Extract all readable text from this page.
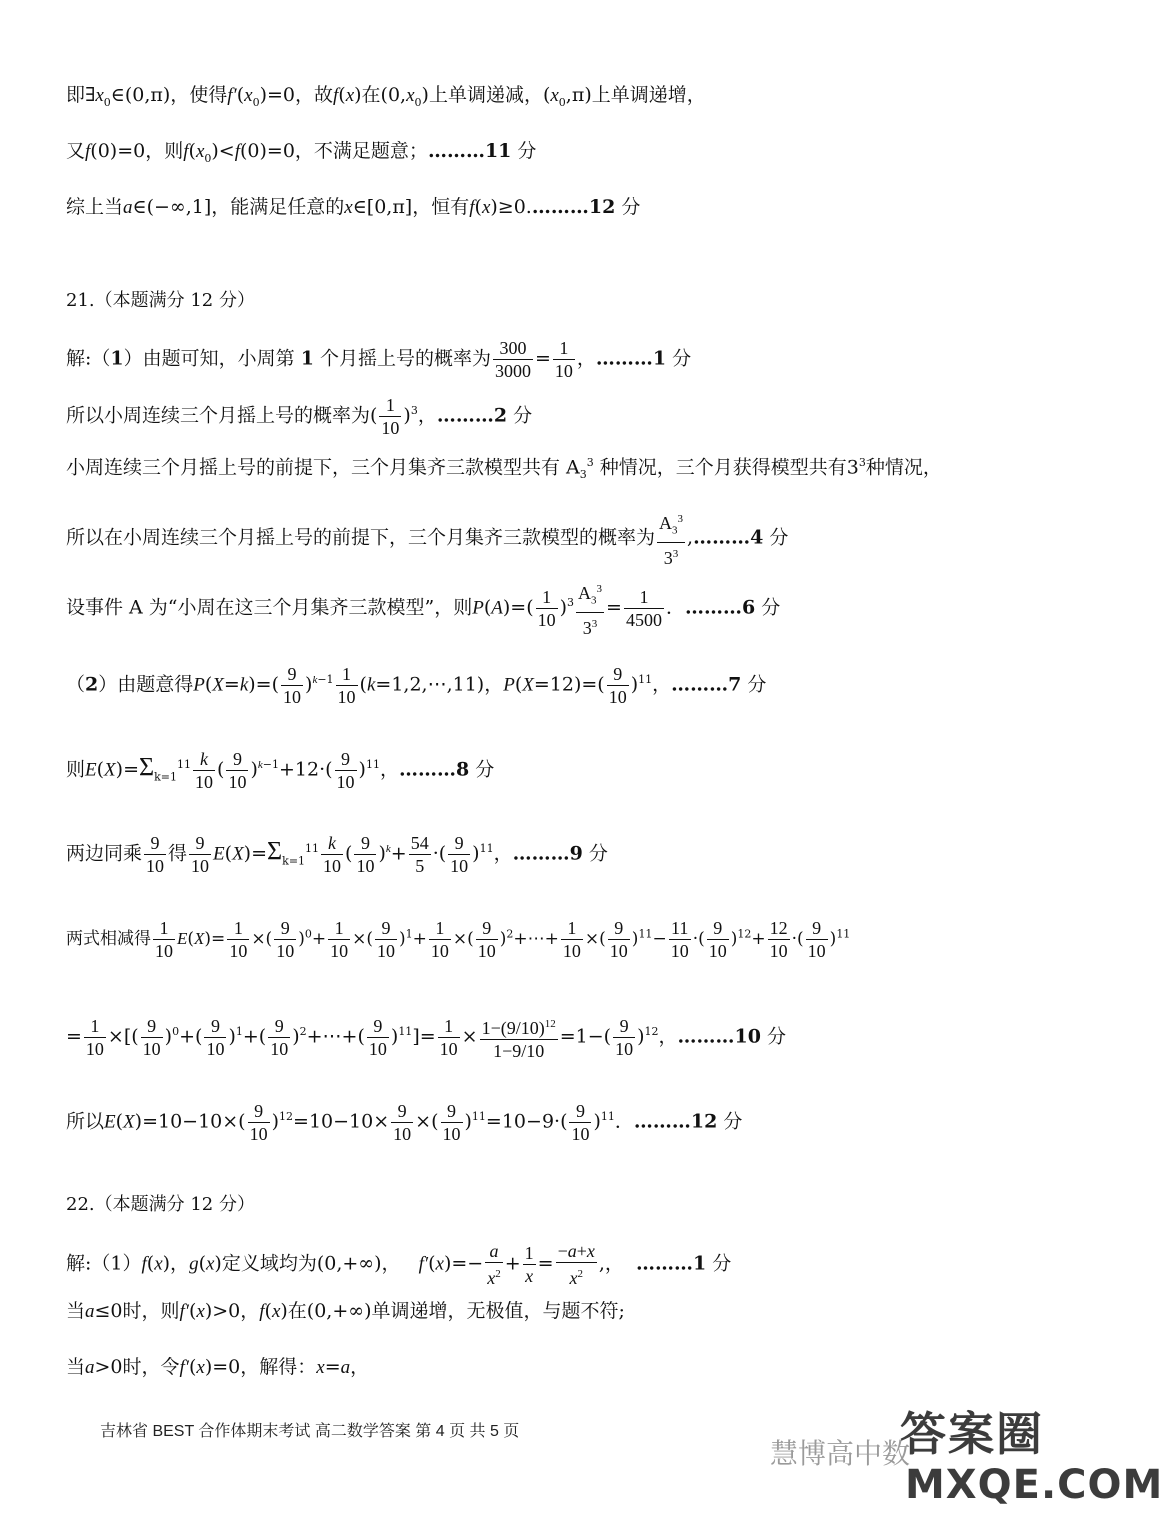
即$\exists x_0\in(0,\pi)$，使得$f'(x_0)=0$，故f(x)在$(0,x_0)$上单调递减，$(x_0,\pi)$上单调递增，
又f(0)=0，则$f(x_0)<f(0)=0$，不满足题意；………11 分
综上当a∈(−∞,1]，能满足任意的x∈[0,π]，恒有f(x)≥0.………12 分
21.（本题满分 12 分）
解:（1）由题可知，小周第 1 个月摇上号的概率为 $\frac{300}{3000} = \frac{1}{10}$ ，………1 分
所以小周连续三个月摇上号的概率为( $\frac{1}{10} )^3$，………2 分
小周连续三个月摇上号的前提下，三个月集齐三款模型共有 $A_3^3$ 种情况，三个月获得模型共有$3^3$种情况，
所以在小周连续三个月摇上号的前提下，三个月集齐三款模型的概率为 $\frac{A_3^3}{3^3}$ ,………4 分
设事件 A 为“小周在这三个月集齐三款模型”，则$P(A)=( \frac{1}{10} )^3 \frac{A_3^3}{3^3} = \frac{1}{4500}$ ．………6 分
（2）由题意得$P(X=k)=( \frac{9}{10} )^{k-1} \frac{1}{10}$ (k=1,2,⋯,11)，$P(X=12)=( \frac{9}{10} )^{11}$，………7 分
则$E(X)=\Sigma_{k=1}^{11} \frac{k}{10}$ ( $\frac{9}{10} )^{k-1}+12\cdot( \frac{9}{10} )^{11}$，………8 分
两边同乘 $\frac{9}{10}$ 得 $\frac{9}{10} E(X)=\Sigma_{k=1}^{11} \frac{k}{10}$ ( $\frac{9}{10} )^k+ \frac{54}{5}$ ·( $\frac{9}{10} )^{11}$，………9 分
两式相减得 $\frac{1}{10} E(X)= \frac{1}{10}$ ×( $\frac{9}{10} )^0+ \frac{1}{10}$ ×( $\frac{9}{10} )^1+ \frac{1}{10}$ ×( $\frac{9}{10}$ )$^2$+⋯+ $\frac{1}{10}$ ×( $\frac{9}{10} )^{11}- \frac{11}{10}$ ·( $\frac{9}{10} )^{12}+ \frac{12}{10}$ ·( $\frac{9}{10} )^{11}$
= $\frac{1}{10}$ ×[( $\frac{9}{10} )^0+( \frac{9}{10} )^1+( \frac{9}{10}$ )$^2+\cdots+( \frac{9}{10} )^{11}]= \frac{1}{10} \times \frac{1-(9/10)^{12}}{1-9/10} =1-( \frac{9}{10} )^{12}$，………10 分
所以$E(X)=10-10\times( \frac{9}{10} )^{12}=10-10\times \frac{9}{10}$ ×( $\frac{9}{10} )^{11}=10-9\cdot( \frac{9}{10} )^{11}$．………12 分
22.（本题满分 12 分）
解:（1）f(x)，g(x)定义域均为(0,+∞)，   $f'(x)=- \frac{a}{x^2} + \frac{1}{x} = \frac{-a+x}{x^2}$ ,，  ………1 分
当a≤0时，则f′(x)>0，f(x)在(0,+∞)单调递增，无极值，与题不符;
当a>0时，令f′(x)=0，解得：x=a，
吉林省 BEST 合作体期末考试 高二数学答案 第 4 页 共 5 页
慧博高中数
答案圈
MXQE.COM
